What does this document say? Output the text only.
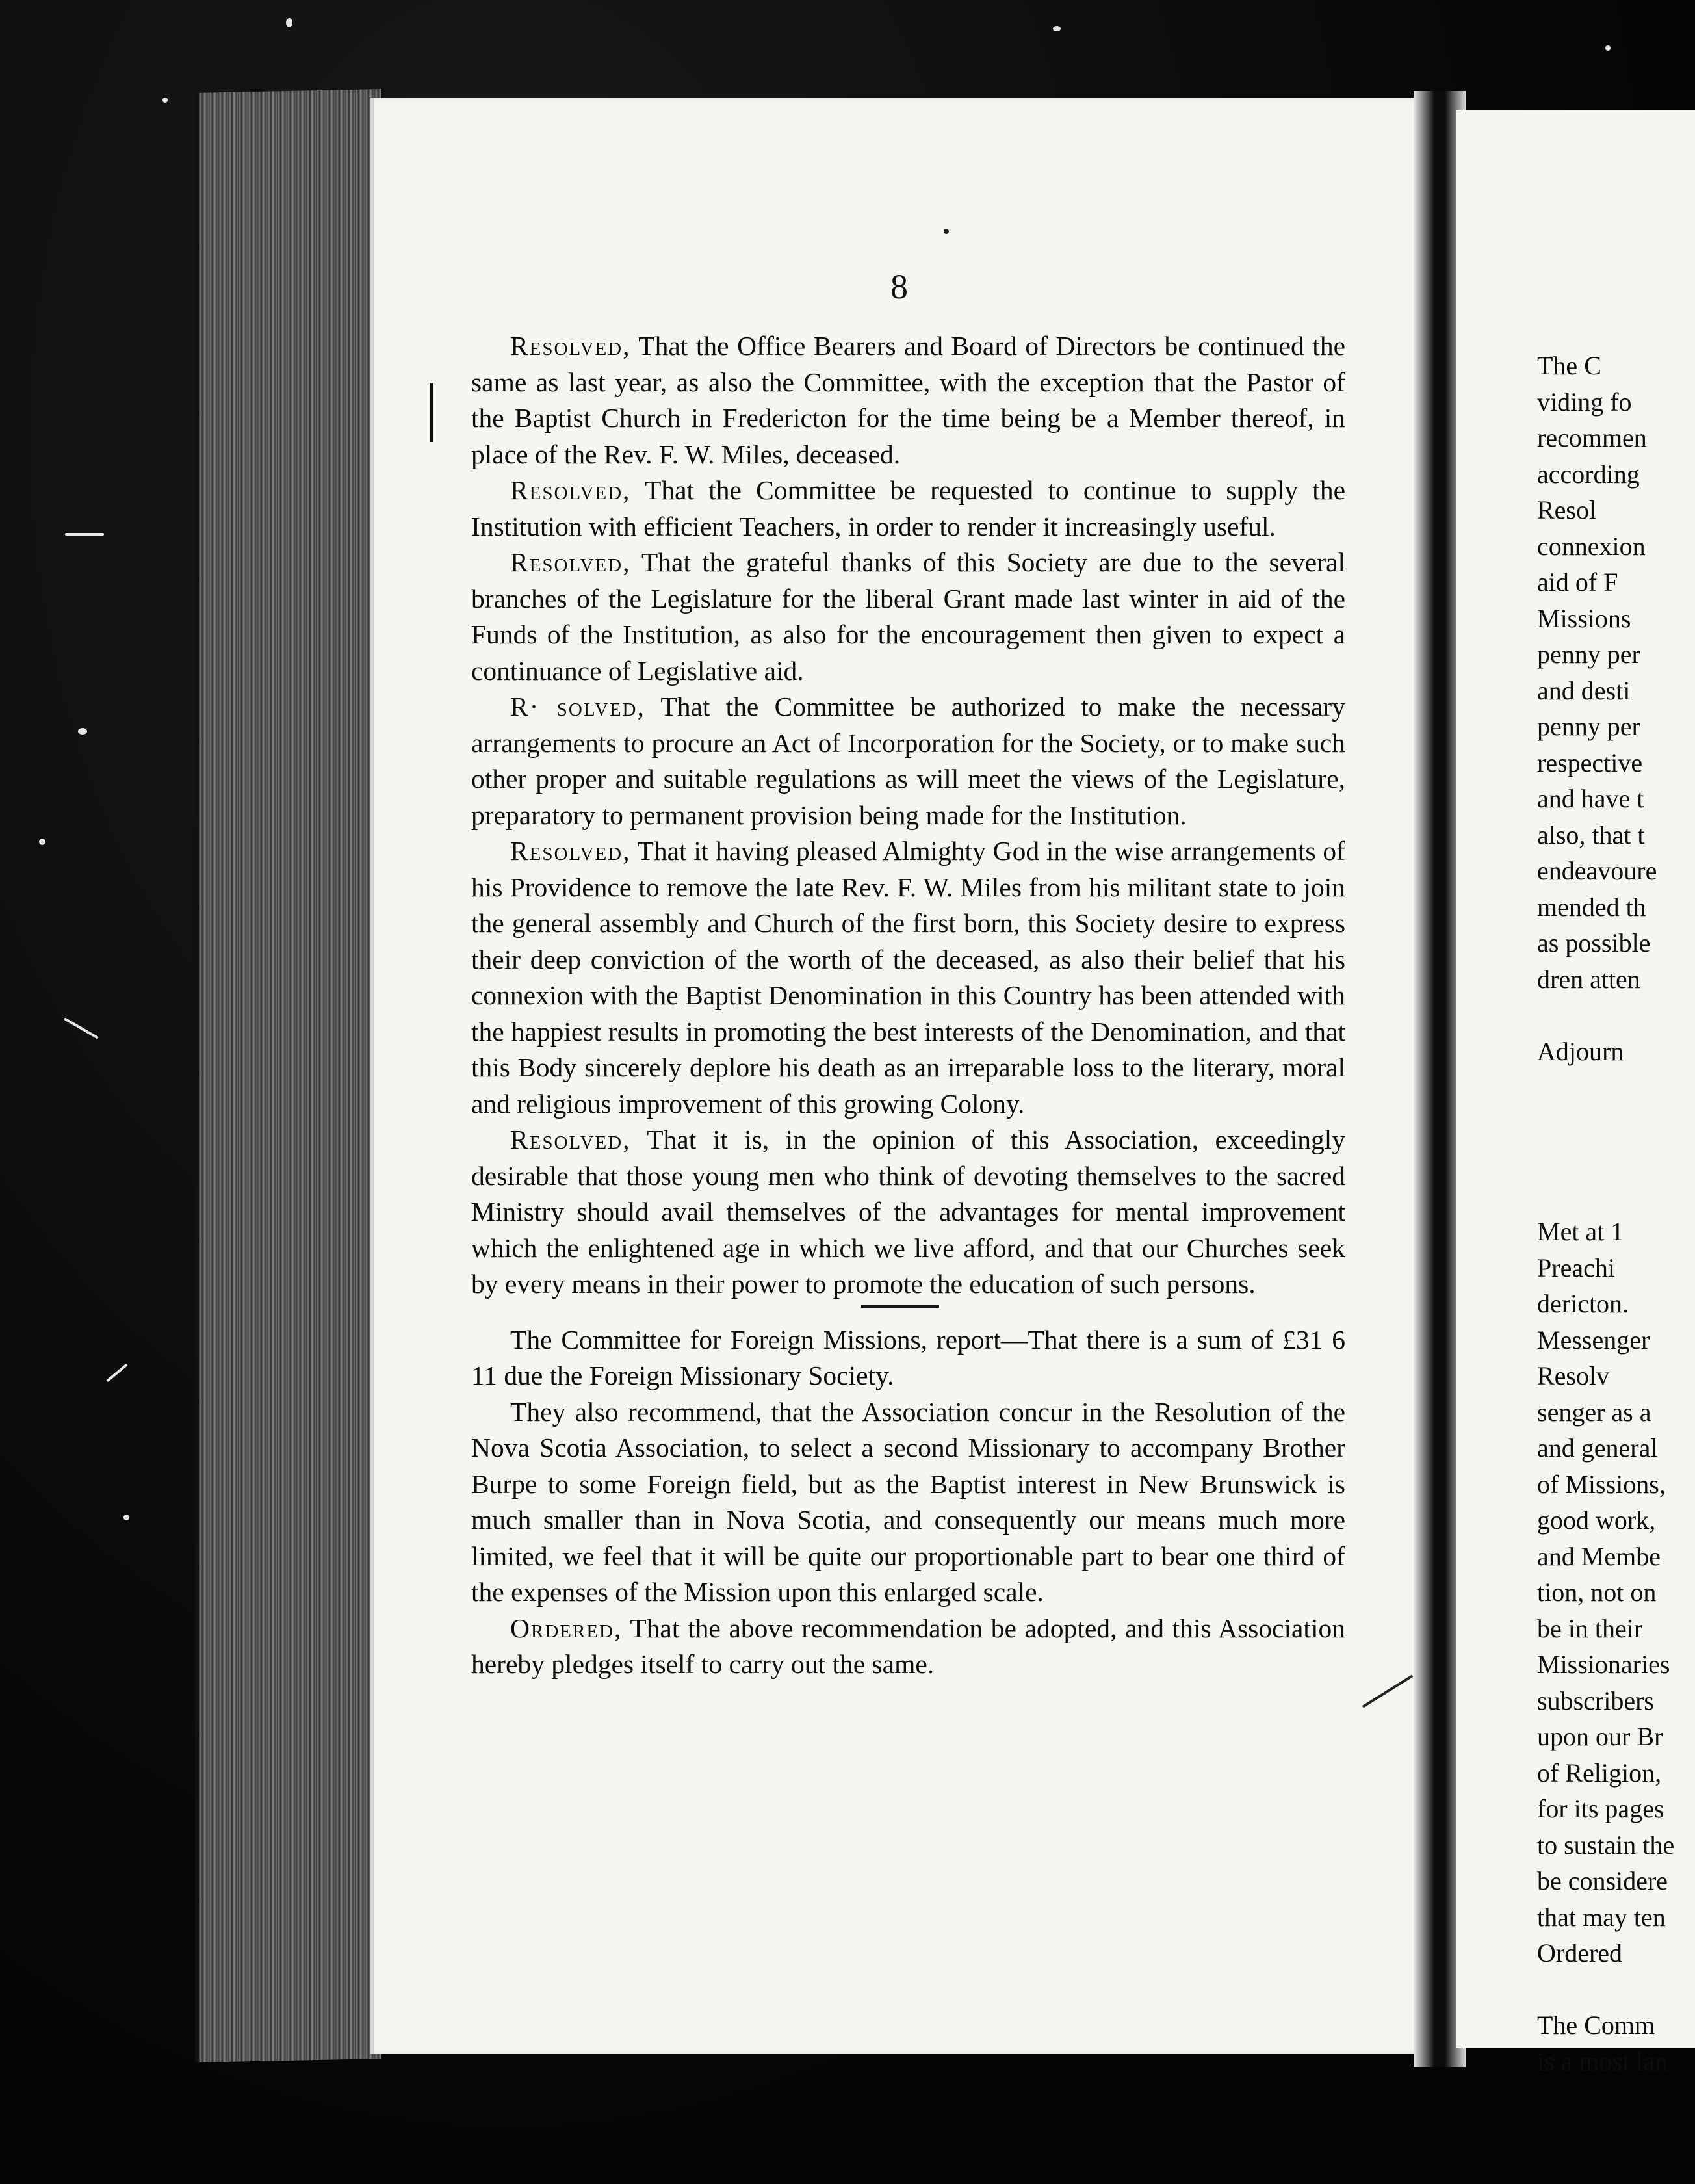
8

Resolved, That the Office Bearers and Board of Directors be continued the same as last year, as also the Committee, with the exception that the Pastor of the Baptist Church in Fredericton for the time being be a Member thereof, in place of the Rev. F. W. Miles, deceased.

Resolved, That the Committee be requested to continue to supply the Institution with efficient Teachers, in order to render it increasingly useful.

Resolved, That the grateful thanks of this Society are due to the several branches of the Legislature for the liberal Grant made last winter in aid of the Funds of the Institution, as also for the encouragement then given to expect a continuance of Legislative aid.

R· solved, That the Committee be authorized to make the necessary arrangements to procure an Act of Incorporation for the Society, or to make such other proper and suitable regulations as will meet the views of the Legislature, preparatory to permanent provision being made for the Institution.

Resolved, That it having pleased Almighty God in the wise arrangements of his Providence to remove the late Rev. F. W. Miles from his militant state to join the general assembly and Church of the first born, this Society desire to express their deep conviction of the worth of the deceased, as also their belief that his connexion with the Baptist Denomination in this Country has been attended with the happiest results in promoting the best interests of the Denomination, and that this Body sincerely deplore his death as an irreparable loss to the literary, moral and religious improvement of this growing Colony.

Resolved, That it is, in the opinion of this Association, exceedingly desirable that those young men who think of devoting themselves to the sacred Ministry should avail themselves of the advantages for mental improvement which the enlightened age in which we live afford, and that our Churches seek by every means in their power to promote the education of such persons.

The Committee for Foreign Missions, report—That there is a sum of £31 6 11 due the Foreign Missionary Society.

They also recommend, that the Association concur in the Resolution of the Nova Scotia Association, to select a second Missionary to accompany Brother Burpe to some Foreign field, but as the Baptist interest in New Brunswick is much smaller than in Nova Scotia, and consequently our means much more limited, we feel that it will be quite our proportionable part to bear one third of the expenses of the Mission upon this enlarged scale.

Ordered, That the above recommendation be adopted, and this Association hereby pledges itself to carry out the same.

The C
viding fo
recommen
according
Resol
connexion
aid of F
Missions
penny per
and desti
penny per
respective
and have t
also, that t
endeavoure
mended th
as possible
dren atten
Adjourn
Met at 1
Preachi
dericton.
Messenger
Resolv
senger as a
and general
of Missions,
good work,
and Membe
tion, not on
be in their
Missionaries
subscribers
upon our Br
of Religion,
for its pages
to sustain the
be considere
that may ten
Ordered
The Comm
is a most lan
